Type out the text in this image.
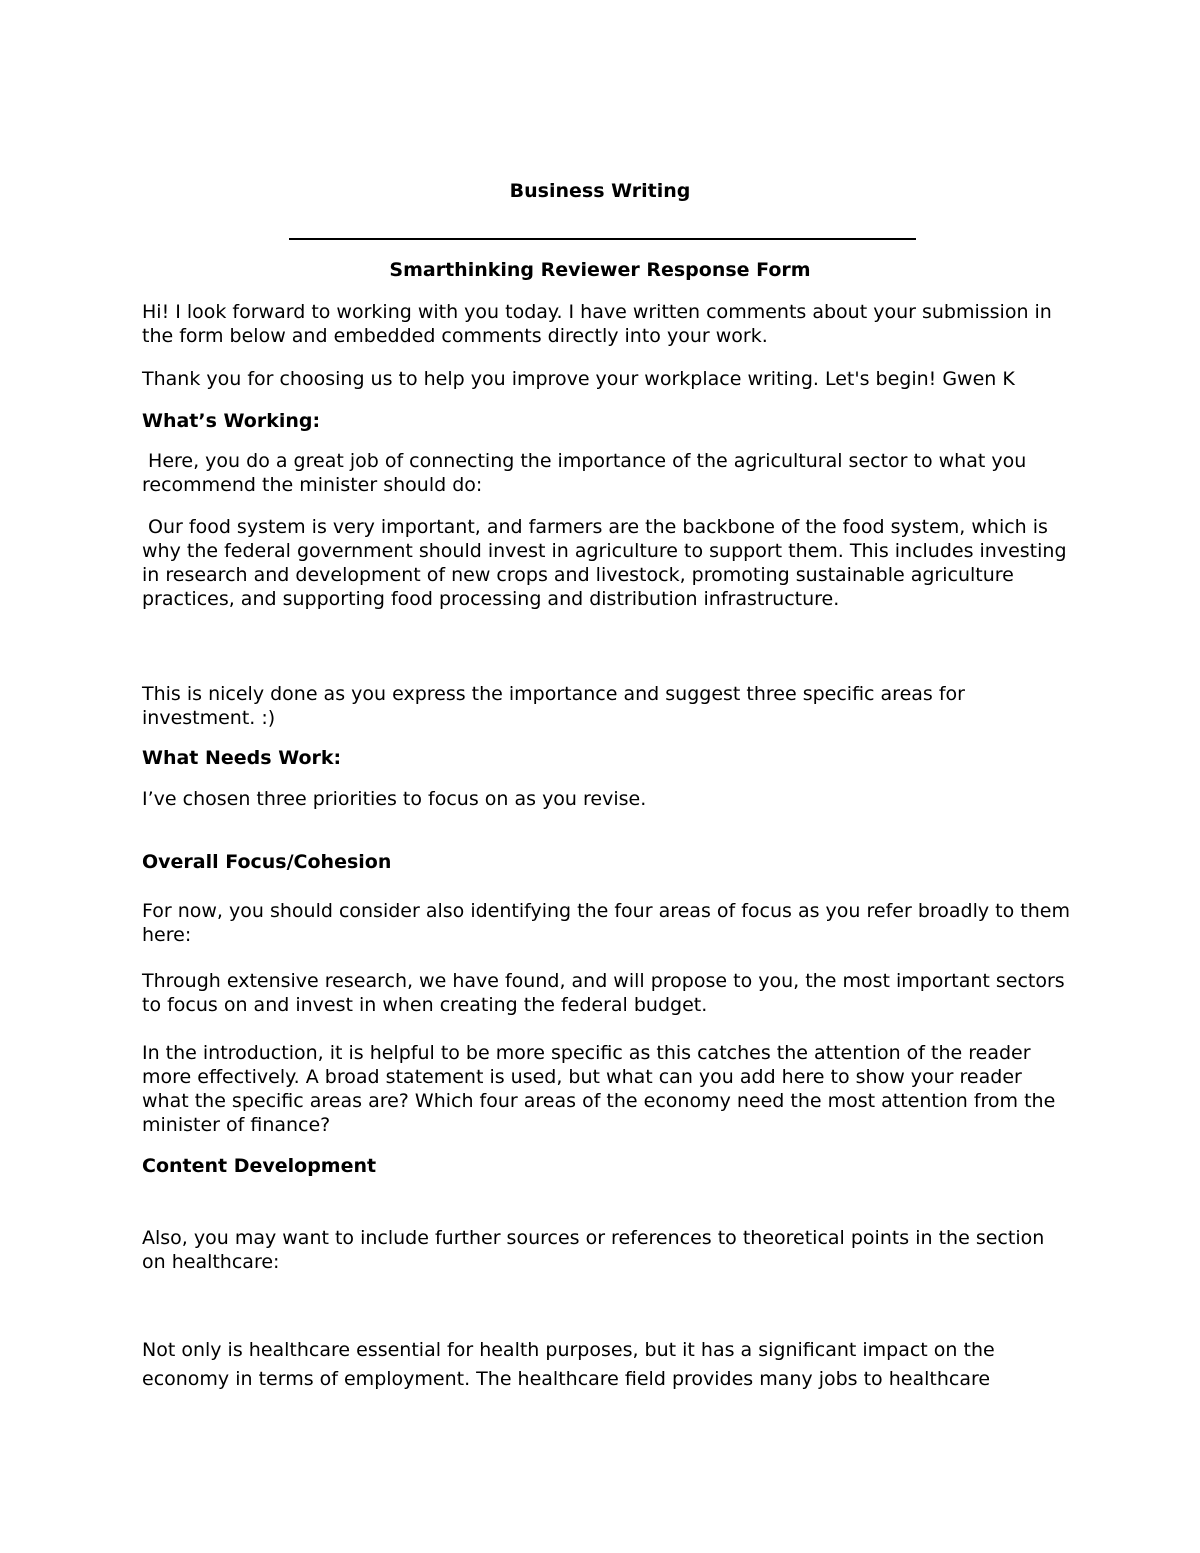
Business Writing

Smarthinking Reviewer Response Form

Hi! I look forward to working with you today. I have written comments about your submission in the form below and embedded comments directly into your work.

Thank you for choosing us to help you improve your workplace writing. Let's begin! Gwen K

What’s Working:

Here, you do a great job of connecting the importance of the agricultural sector to what you recommend the minister should do:

Our food system is very important, and farmers are the backbone of the food system, which is why the federal government should invest in agriculture to support them. This includes investing in research and development of new crops and livestock, promoting sustainable agriculture practices, and supporting food processing and distribution infrastructure.

This is nicely done as you express the importance and suggest three specific areas for investment. :)

What Needs Work:

I’ve chosen three priorities to focus on as you revise.

Overall Focus/Cohesion

For now, you should consider also identifying the four areas of focus as you refer broadly to them here:

Through extensive research, we have found, and will propose to you, the most important sectors to focus on and invest in when creating the federal budget.

In the introduction, it is helpful to be more specific as this catches the attention of the reader more effectively. A broad statement is used, but what can you add here to show your reader what the specific areas are? Which four areas of the economy need the most attention from the minister of finance?

Content Development

Also, you may want to include further sources or references to theoretical points in the section on healthcare:

Not only is healthcare essential for health purposes, but it has a significant impact on the economy in terms of employment. The healthcare field provides many jobs to healthcare
